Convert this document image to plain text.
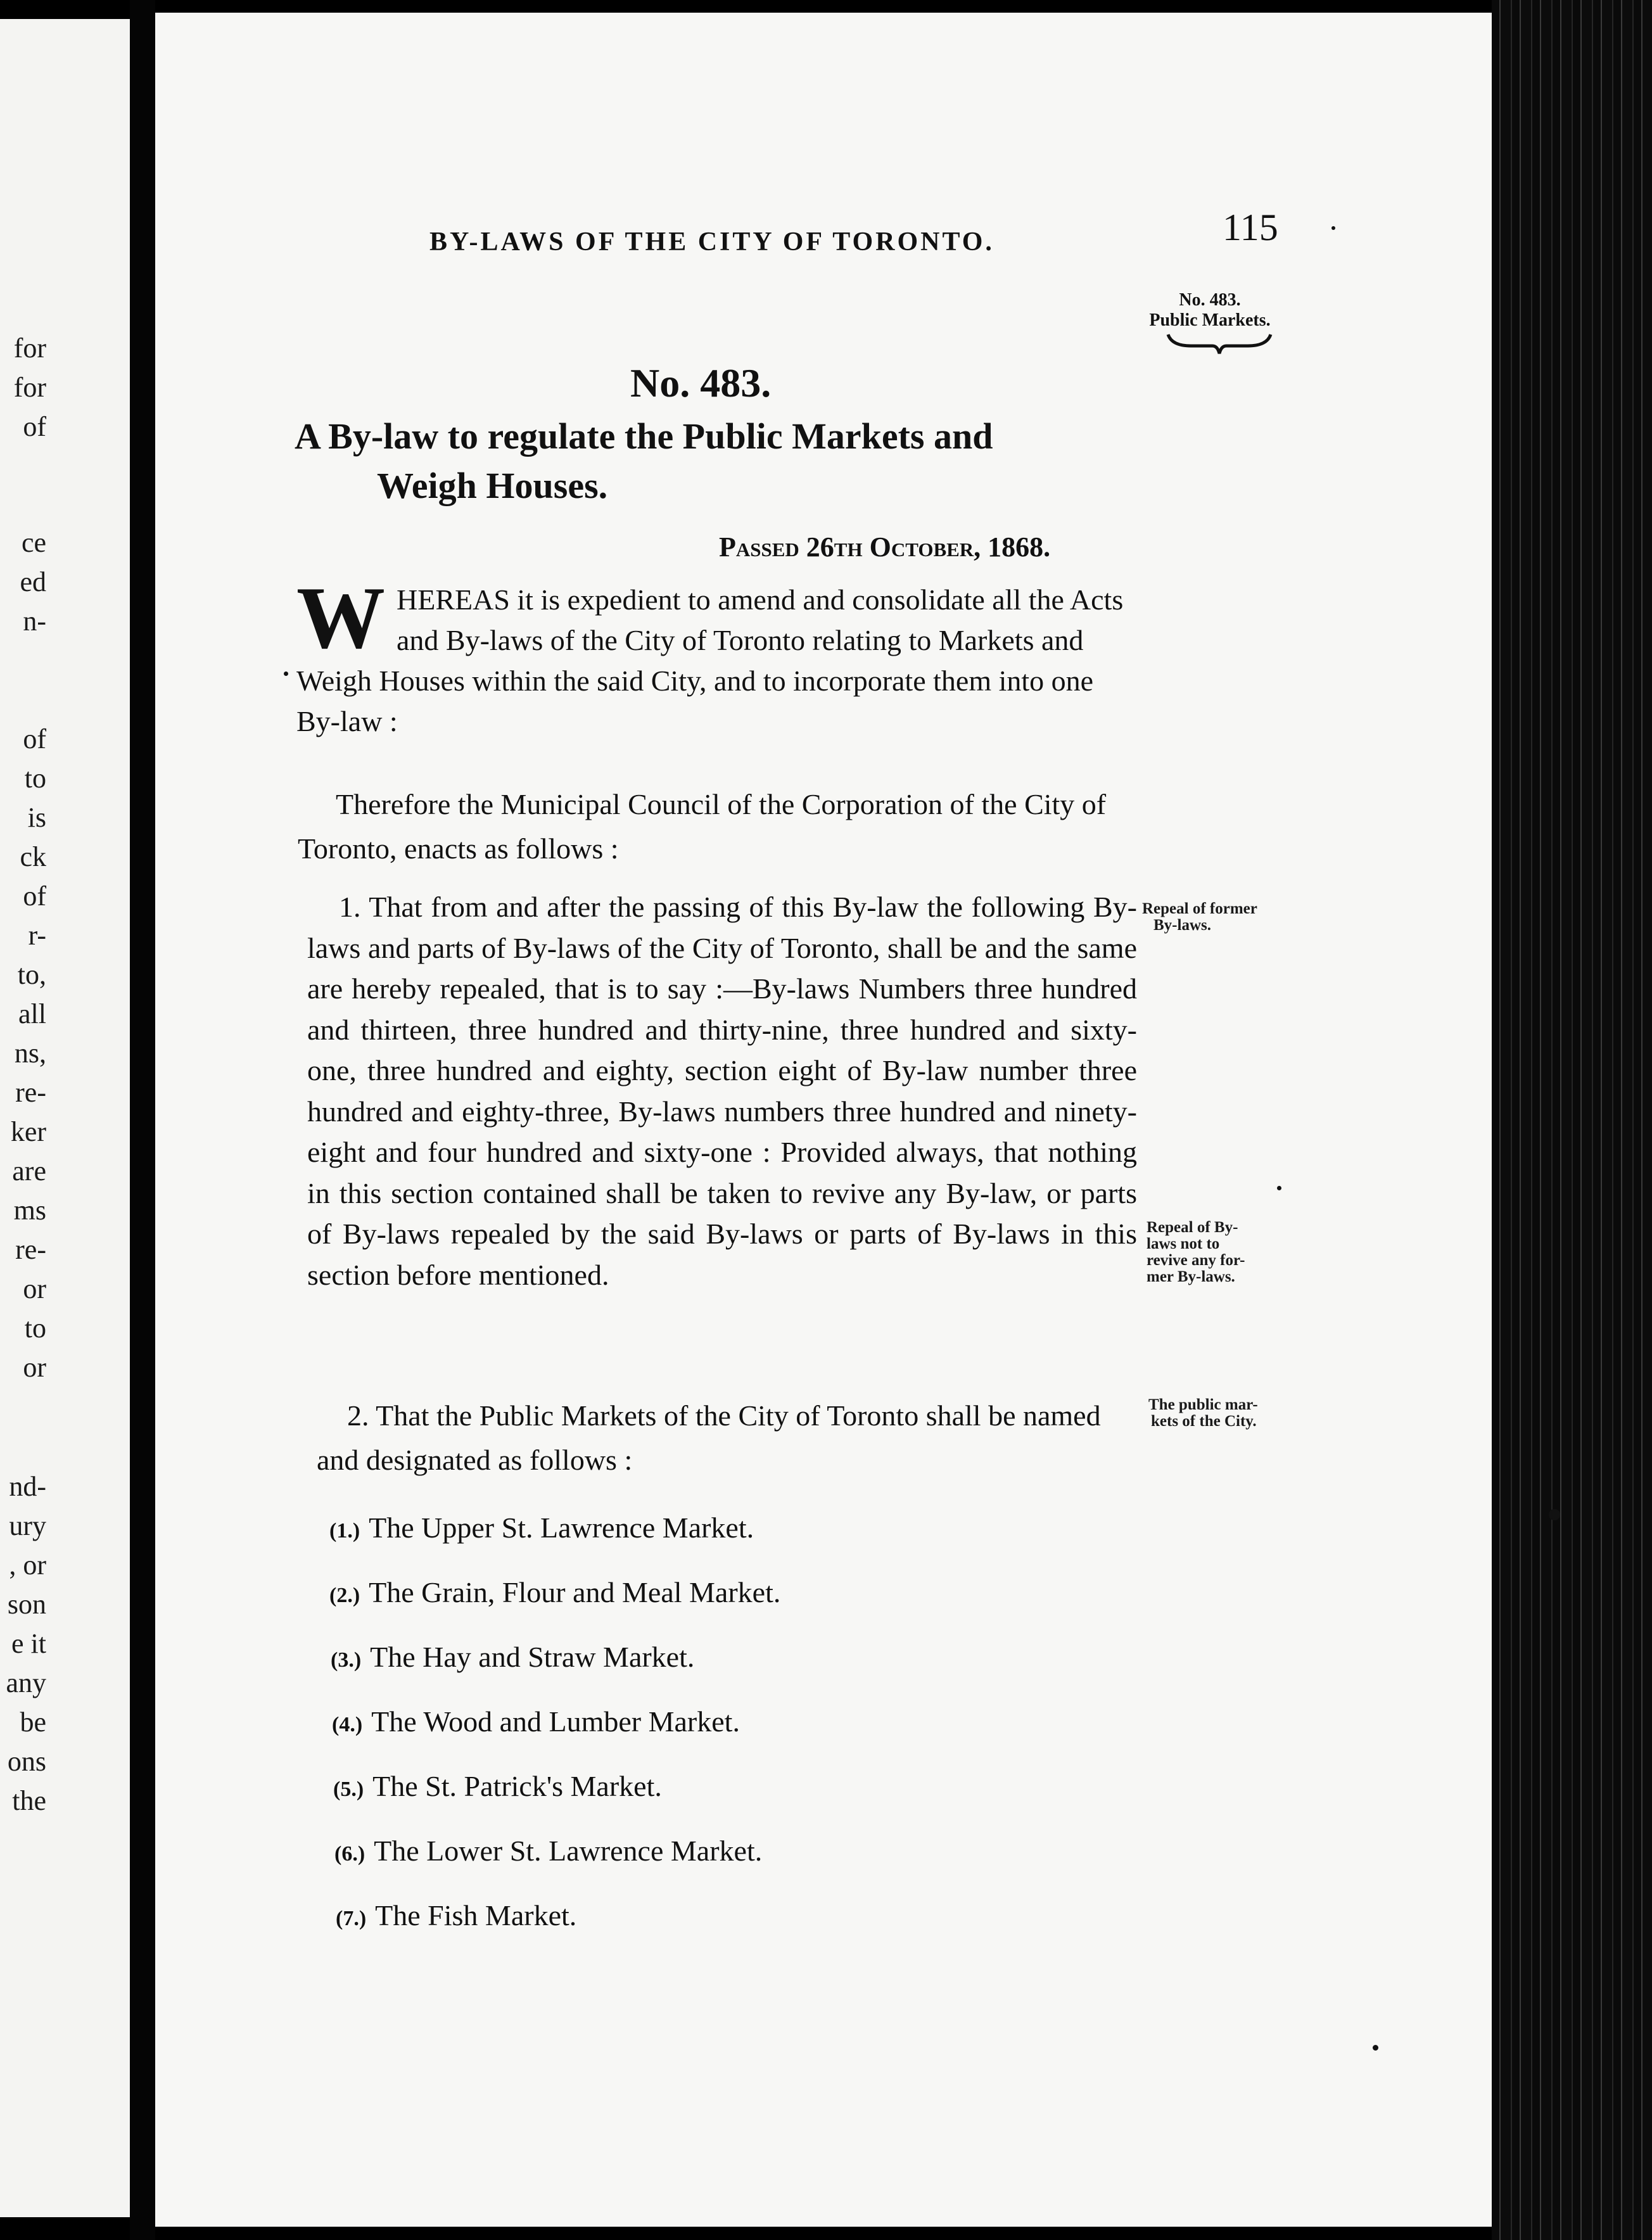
for
for
of
ce
ed
n-
of
to
is
ck
of
r-
to,
all
ns,
re-
ker
are
ms
re-
or
to
or
nd-
ury
, or
son
e it
any
be
ons
the
BY-LAWS OF THE CITY OF TORONTO.	115
No. 483.
Public Markets.
No. 483.
A By-law to regulate the Public Markets and
Weigh Houses.
Passed 26th October, 1868.
W HEREAS it is expedient to amend and consolidate all the Acts and By-laws of the City of Toronto relating to Markets and Weigh Houses within the said City, and to incorporate them into one By-law :
Therefore the Municipal Council of the Corporation of the City of Toronto, enacts as follows :
1. That from and after the passing of this By-law the following By-laws and parts of By-laws of the City of Toronto, shall be and the same are hereby repealed, that is to say :—By-laws Numbers three hundred and thirteen, three hundred and thirty-nine, three hundred and sixty-one, three hundred and eighty, section eight of By-law number three hundred and eighty-three, By-laws numbers three hundred and ninety-eight and four hundred and sixty-one : Provided always, that nothing in this section contained shall be taken to revive any By-law, or parts of By-laws repealed by the said By-laws or parts of By-laws in this section before mentioned.
Repeal of former
By-laws.
Repeal of By-
laws not to
revive any for-
mer By-laws.
The public mar-
kets of the City.
2. That the Public Markets of the City of Toronto shall be named and designated as follows :
(1.) The Upper St. Lawrence Market.
(2.) The Grain, Flour and Meal Market.
(3.) The Hay and Straw Market.
(4.) The Wood and Lumber Market.
(5.) The St. Patrick's Market.
(6.) The Lower St. Lawrence Market.
(7.) The Fish Market.
